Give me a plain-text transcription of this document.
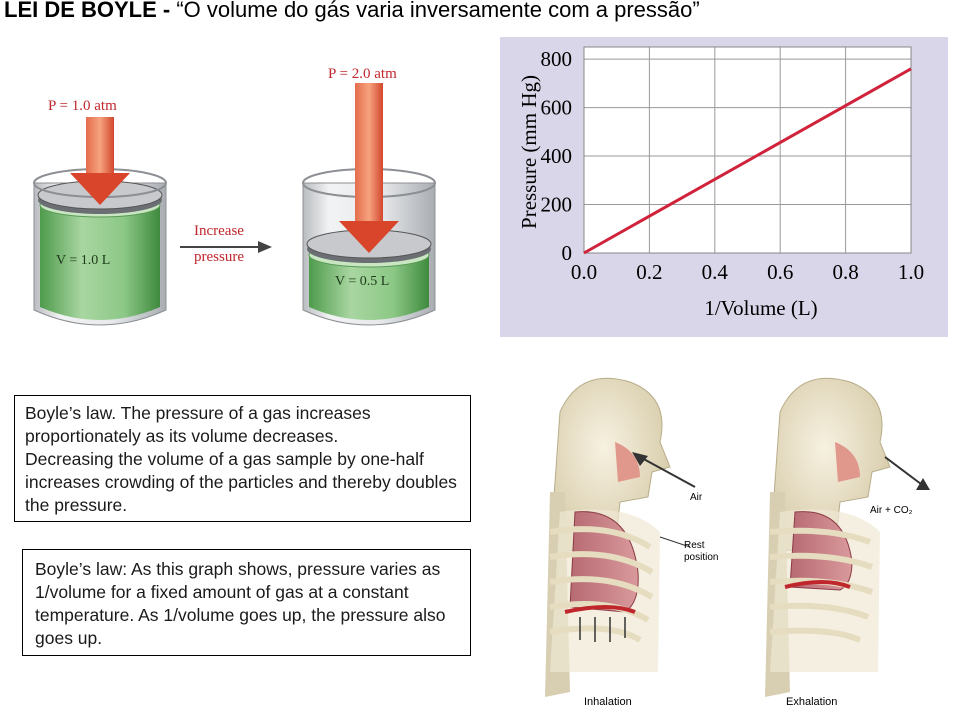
LEI DE BOYLE - “O volume do gás varia inversamente com a pressão”
P = 1.0 atm
V = 1.0 L
P = 2.0 atm
V = 0.5 L
Increase
pressure
0.0 0.2 0.4 0.6 0.8 1.0
0
200
400
600
800
1/Volume (L)
Pressure (mm Hg)

Boyle’s law. The pressure of a gas increases proportionately as its volume decreases.

Decreasing the volume of a gas sample by one-half increases crowding of the particles and thereby doubles the pressure.

Boyle’s law: As this graph shows, pressure varies as 1/volume for a fixed amount of gas at a constant temperature. As 1/volume goes up, the pressure also goes up.

Air
Air + CO₂
Rest
position
Inhalation	Exhalation
